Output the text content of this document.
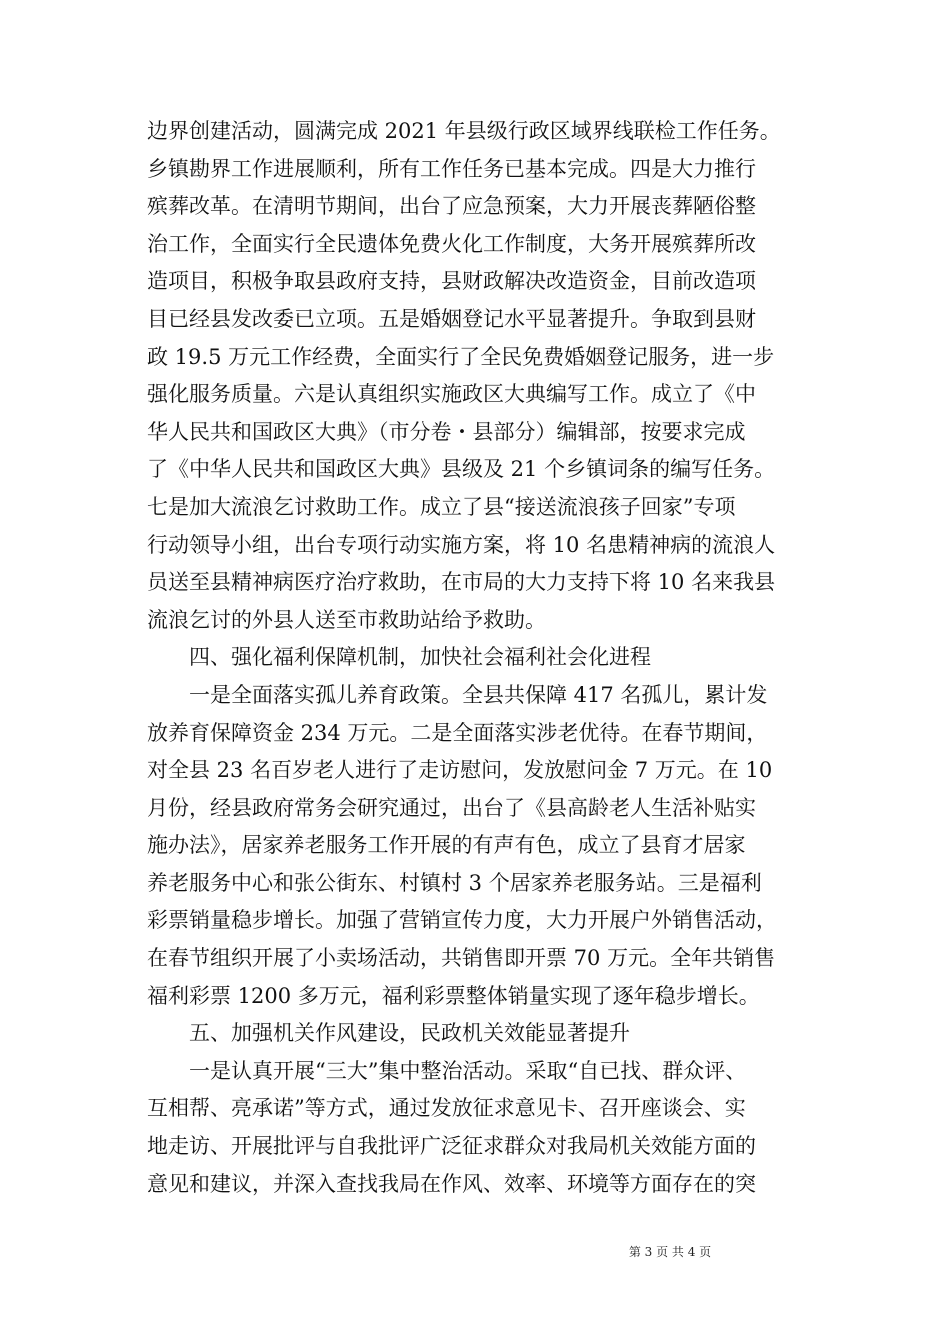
边界创建活动，圆满完成 2021 年县级行政区域界线联检工作任务。
乡镇勘界工作进展顺利，所有工作任务已基本完成。四是大力推行
殡葬改革。在清明节期间，出台了应急预案，大力开展丧葬陋俗整
治工作，全面实行全民遗体免费火化工作制度，大务开展殡葬所改
造项目，积极争取县政府支持，县财政解决改造资金，目前改造项
目已经县发改委已立项。五是婚姻登记水平显著提升。争取到县财
政 19.5 万元工作经费，全面实行了全民免费婚姻登记服务，进一步
强化服务质量。六是认真组织实施政区大典编写工作。成立了《中
华人民共和国政区大典》（市分卷・县部分）编辑部，按要求完成
了《中华人民共和国政区大典》县级及 21 个乡镇词条的编写任务。
七是加大流浪乞讨救助工作。成立了县“接送流浪孩子回家”专项
行动领导小组，出台专项行动实施方案，将 10 名患精神病的流浪人
员送至县精神病医疗治疗救助，在市局的大力支持下将 10 名来我县
流浪乞讨的外县人送至市救助站给予救助。
四、强化福利保障机制，加快社会福利社会化进程
一是全面落实孤儿养育政策。全县共保障 417 名孤儿，累计发
放养育保障资金 234 万元。二是全面落实涉老优待。在春节期间，
对全县 23 名百岁老人进行了走访慰问，发放慰问金 7 万元。在 10
月份，经县政府常务会研究通过，出台了《县高龄老人生活补贴实
施办法》，居家养老服务工作开展的有声有色，成立了县育才居家
养老服务中心和张公街东、村镇村 3 个居家养老服务站。三是福利
彩票销量稳步增长。加强了营销宣传力度，大力开展户外销售活动，
在春节组织开展了小卖场活动，共销售即开票 70 万元。全年共销售
福利彩票 1200 多万元，福利彩票整体销量实现了逐年稳步增长。
五、加强机关作风建设，民政机关效能显著提升
一是认真开展“三大”集中整治活动。采取“自已找、群众评、
互相帮、亮承诺”等方式，通过发放征求意见卡、召开座谈会、实
地走访、开展批评与自我批评广泛征求群众对我局机关效能方面的
意见和建议，并深入查找我局在作风、效率、环境等方面存在的突
第 3 页 共 4 页
